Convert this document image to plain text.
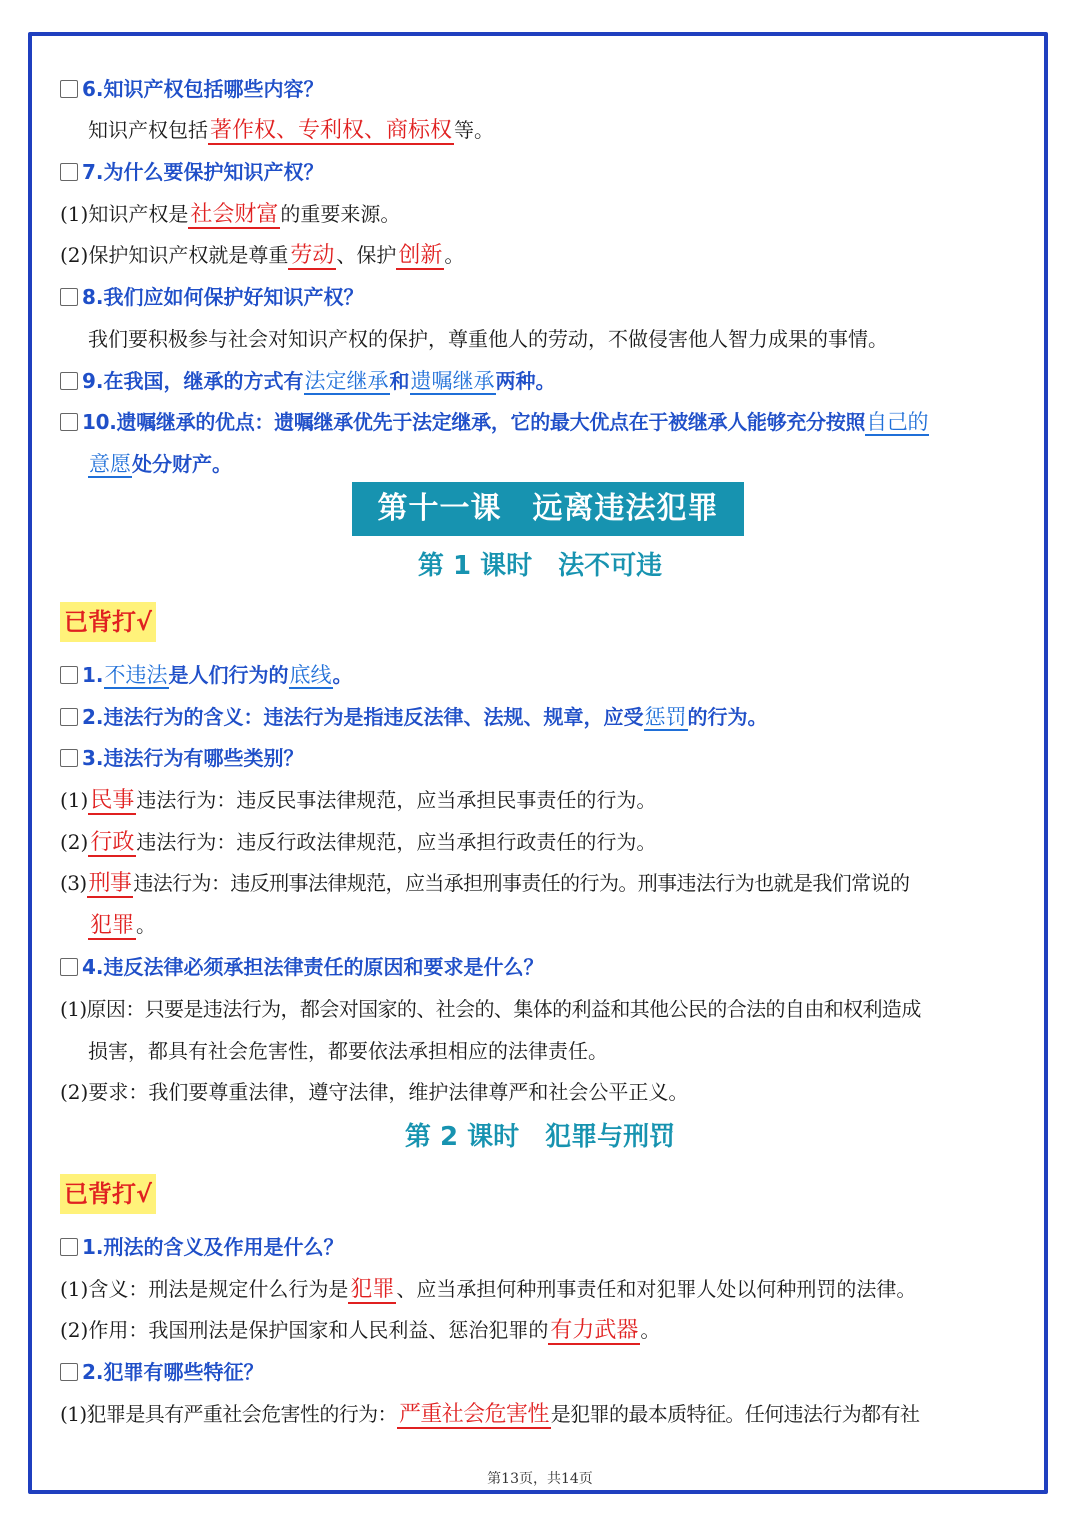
6.知识产权包括哪些内容？
知识产权包括著作权、专利权、商标权 等。
7.为什么要保护知识产权？
(1)知识产权是社会财富 的重要来源。
(2)保护知识产权就是尊重劳动 、保护创新 。
8.我们应如何保护好知识产权？
我们要积极参与社会对知识产权的保护，尊重他人的劳动，不做侵害他人智力成果的事情。
9.在我国，继承的方式有法定继承和遗嘱继承两种。
10.遗嘱继承的优点：遗嘱继承优先于法定继承，它的最大优点在于被继承人能够充分按照自己的
意愿处分财产。
第十一课　远离违法犯罪
第 1 课时　法不可违
已背打√
1.不违法是人们行为的底线。
2.违法行为的含义：违法行为是指违反法律、法规、规章，应受惩罚的行为。
3.违法行为有哪些类别？
(1)民事 违法行为：违反民事法律规范，应当承担民事责任的行为。
(2)行政 违法行为：违反行政法律规范，应当承担行政责任的行为。
(3)刑事 违法行为：违反刑事法律规范，应当承担刑事责任的行为。刑事违法行为也就是我们常说的
犯罪 。
4.违反法律必须承担法律责任的原因和要求是什么？
(1)原因：只要是违法行为，都会对国家的、社会的、集体的利益和其他公民的合法的自由和权利造成
损害，都具有社会危害性，都要依法承担相应的法律责任。
(2)要求：我们要尊重法律，遵守法律，维护法律尊严和社会公平正义。
第 2 课时　犯罪与刑罚
已背打√
1.刑法的含义及作用是什么？
(1)含义：刑法是规定什么行为是犯罪 、应当承担何种刑事责任和对犯罪人处以何种刑罚的法律。
(2)作用：我国刑法是保护国家和人民利益、惩治犯罪的有力武器 。
2.犯罪有哪些特征？
(1)犯罪是具有严重社会危害性的行为：严重社会危害性 是犯罪的最本质特征。任何违法行为都有社
第13页，共14页
